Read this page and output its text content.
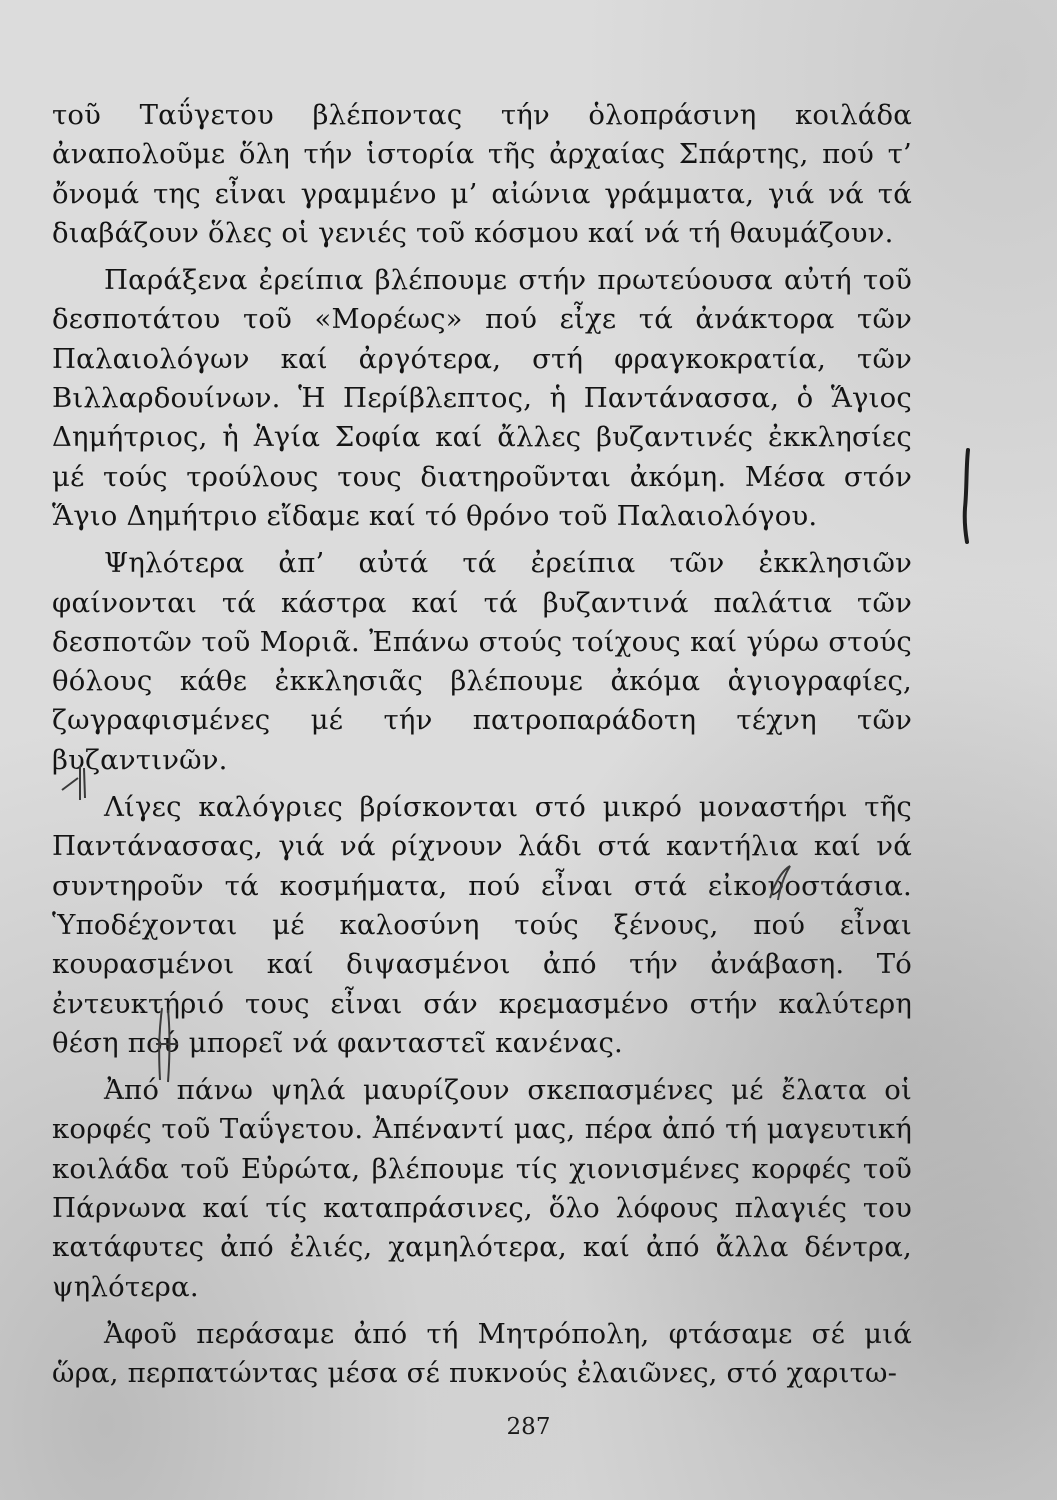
τοῦ Ταΰγετου βλέποντας τήν ὁλοπράσινη κοιλάδα ἀναπολοῦμε ὅλη τήν ἱστορία τῆς ἀρχαίας Σπάρτης, πού τ’ ὄνομά της εἶναι γραμμένο μ’ αἰώνια γράμματα, γιά νά τά διαβάζουν ὅλες οἱ γενιές τοῦ κόσμου καί νά τή θαυμάζουν.

Παράξενα ἐρείπια βλέπουμε στήν πρωτεύουσα αὐτή τοῦ δεσποτάτου τοῦ «Μορέως» πού εἶχε τά ἀνάκτορα τῶν Παλαιολόγων καί ἀργότερα, στή φραγκοκρατία, τῶν Βιλλαρδουίνων. Ἡ Περίβλεπτος, ἡ Παντάνασσα, ὁ Ἅγιος Δημήτριος, ἡ Ἁγία Σοφία καί ἄλλες βυζαντινές ἐκκλησίες μέ τούς τρούλους τους διατηροῦνται ἀκόμη. Μέσα στόν Ἅγιο Δημήτριο εἴδαμε καί τό θρόνο τοῦ Παλαιολόγου.

Ψηλότερα ἀπ’ αὐτά τά ἐρείπια τῶν ἐκκλησιῶν φαίνονται τά κάστρα καί τά βυζαντινά παλάτια τῶν δεσποτῶν τοῦ Μοριᾶ. Ἐπάνω στούς τοίχους καί γύρω στούς θόλους κάθε ἐκκλησιᾶς βλέπουμε ἀκόμα ἁγιογραφίες, ζωγραφισμένες μέ τήν πατροπαράδοτη τέχνη τῶν βυζαντινῶν.

Λίγες καλόγριες βρίσκονται στό μικρό μοναστήρι τῆς Παντάνασσας, γιά νά ρίχνουν λάδι στά καντήλια καί νά συντηροῦν τά κοσμήματα, πού εἶναι στά εἰκονοστάσια. Ὑποδέχονται μέ καλοσύνη τούς ξένους, πού εἶναι κουρασμένοι καί διψασμένοι ἀπό τήν ἀνάβαση. Τό ἐντευκτήριό τους εἶναι σάν κρεμασμένο στήν καλύτερη θέση πού μπορεῖ νά φανταστεῖ κανένας.

Ἀπό πάνω ψηλά μαυρίζουν σκεπασμένες μέ ἔλατα οἱ κορφές τοῦ Ταΰγετου. Ἀπέναντί μας, πέρα ἀπό τή μαγευτική κοιλάδα τοῦ Εὐρώτα, βλέπουμε τίς χιονισμένες κορφές τοῦ Πάρνωνα καί τίς καταπράσινες, ὅλο λόφους πλαγιές του κατάφυτες ἀπό ἐλιές, χαμηλότερα, καί ἀπό ἄλλα δέντρα, ψηλότερα.

Ἀφοῦ περάσαμε ἀπό τή Μητρόπολη, φτάσαμε σέ μιά ὥρα, περπατώντας μέσα σέ πυκνούς ἐλαιῶνες, στό χαριτω-

287
